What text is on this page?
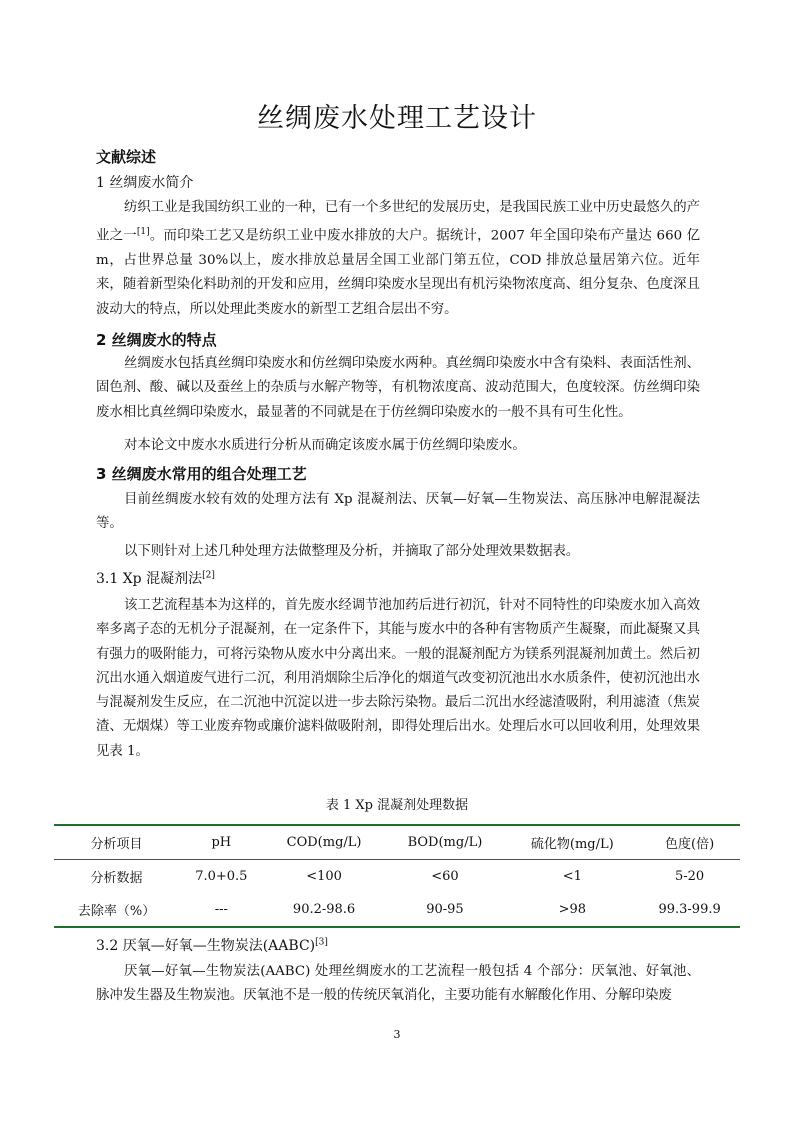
丝绸废水处理工艺设计
文献综述
1 丝绸废水简介
纺织工业是我国纺织工业的一种，已有一个多世纪的发展历史，是我国民族工业中历史最悠久的产业之一[1]。而印染工艺又是纺织工业中废水排放的大户。据统计，2007 年全国印染布产量达 660 亿 m，占世界总量 30%以上，废水排放总量居全国工业部门第五位，COD 排放总量居第六位。近年来，随着新型染化料助剂的开发和应用，丝绸印染废水呈现出有机污染物浓度高、组分复杂、色度深且波动大的特点，所以处理此类废水的新型工艺组合层出不穷。
2 丝绸废水的特点
丝绸废水包括真丝绸印染废水和仿丝绸印染废水两种。真丝绸印染废水中含有染料、表面活性剂、固色剂、酸、碱以及蚕丝上的杂质与水解产物等，有机物浓度高、波动范围大，色度较深。仿丝绸印染废水相比真丝绸印染废水，最显著的不同就是在于仿丝绸印染废水的一般不具有可生化性。
对本论文中废水水质进行分析从而确定该废水属于仿丝绸印染废水。
3 丝绸废水常用的组合处理工艺
目前丝绸废水较有效的处理方法有 Xp 混凝剂法、厌氧—好氧—生物炭法、高压脉冲电解混凝法等。
以下则针对上述几种处理方法做整理及分析，并摘取了部分处理效果数据表。
3.1 Xp 混凝剂法[2]
该工艺流程基本为这样的，首先废水经调节池加药后进行初沉，针对不同特性的印染废水加入高效率多离子态的无机分子混凝剂，在一定条件下，其能与废水中的各种有害物质产生凝聚，而此凝聚又具有强力的吸附能力，可将污染物从废水中分离出来。一般的混凝剂配方为镁系列混凝剂加黄土。然后初沉出水通入烟道废气进行二沉，利用消烟除尘后净化的烟道气改变初沉池出水水质条件，使初沉池出水与混凝剂发生反应，在二沉池中沉淀以进一步去除污染物。最后二沉出水经滤渣吸附，利用滤渣（焦炭渣、无烟煤）等工业废弃物或廉价滤料做吸附剂，即得处理后出水。处理后水可以回收利用，处理效果见表 1。
表 1 Xp 混凝剂处理数据
分析项目	pH	COD(mg/L)	BOD(mg/L)	硫化物(mg/L)	色度(倍)
分析数据	7.0+0.5	<100	<60	<1	5-20
去除率（%）	---	90.2-98.6	90-95	>98	99.3-99.9
3.2 厌氧—好氧—生物炭法(AABC)[3]
厌氧—好氧—生物炭法(AABC) 处理丝绸废水的工艺流程一般包括 4 个部分：厌氧池、好氧池、脉冲发生器及生物炭池。厌氧池不是一般的传统厌氧消化，主要功能有水解酸化作用、分解印染废
3
